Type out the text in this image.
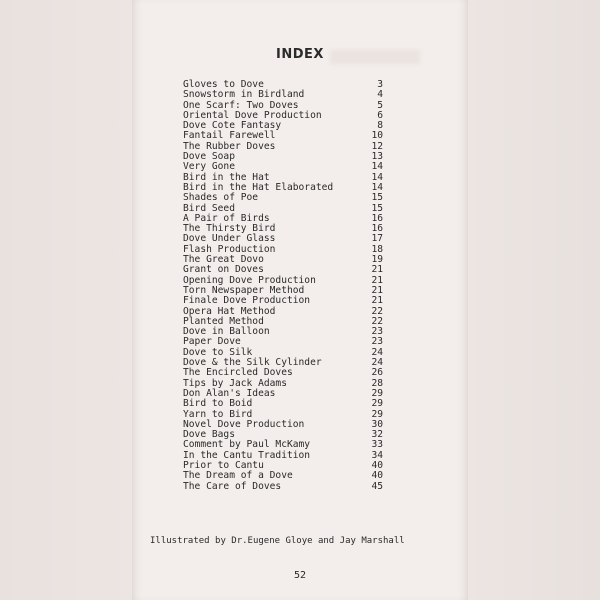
INDEX
Gloves to Dove	3
Snowstorm in Birdland	4
One Scarf: Two Doves	5
Oriental Dove Production	6
Dove Cote Fantasy	8
Fantail Farewell	10
The Rubber Doves	12
Dove Soap	13
Very Gone	14
Bird in the Hat	14
Bird in the Hat Elaborated	14
Shades of Poe	15
Bird Seed	15
A Pair of Birds	16
The Thirsty Bird	16
Dove Under Glass	17
Flash Production	18
The Great Dovo	19
Grant on Doves	21
Opening Dove Production	21
Torn Newspaper Method	21
Finale Dove Production	21
Opera Hat Method	22
Planted Method	22
Dove in Balloon	23
Paper Dove	23
Dove to Silk	24
Dove & the Silk Cylinder	24
The Encircled Doves	26
Tips by Jack Adams	28
Don Alan's Ideas	29
Bird to Boid	29
Yarn to Bird	29
Novel Dove Production	30
Dove Bags	32
Comment by Paul McKamy	33
In the Cantu Tradition	34
Prior to Cantu	40
The Dream of a Dove	40
The Care of Doves	45
Illustrated by Dr.Eugene Gloye and Jay Marshall
52
